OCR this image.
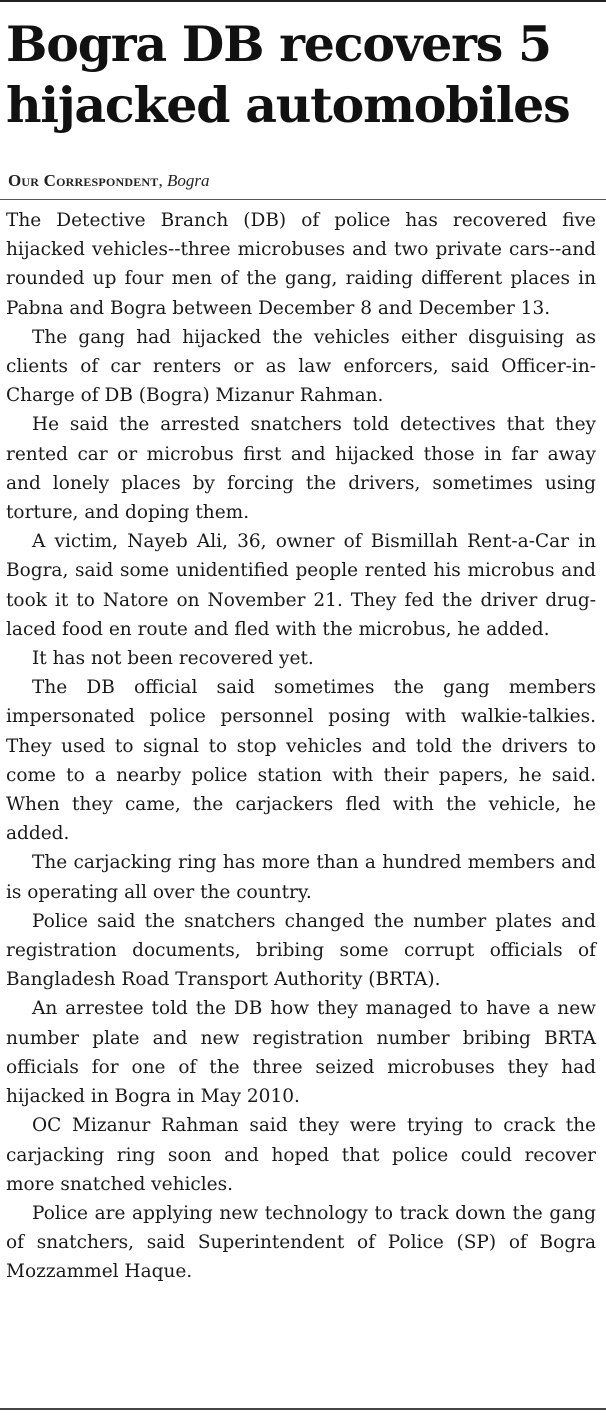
Bogra DB recovers 5 hijacked automobiles

Our Correspondent, Bogra

The Detective Branch (DB) of police has recovered five hijacked vehicles--three microbuses and two private cars--and rounded up four men of the gang, raiding different places in Pabna and Bogra between December 8 and December 13.

The gang had hijacked the vehicles either disguising as clients of car renters or as law enforcers, said Officer-in-Charge of DB (Bogra) Mizanur Rahman.

He said the arrested snatchers told detectives that they rented car or microbus first and hijacked those in far away and lonely places by forcing the drivers, sometimes using torture, and doping them.

A victim, Nayeb Ali, 36, owner of Bismillah Rent-a-Car in Bogra, said some unidentified people rented his microbus and took it to Natore on November 21. They fed the driver drug-laced food en route and fled with the microbus, he added.

It has not been recovered yet.

The DB official said sometimes the gang members impersonated police personnel posing with walkie-talkies. They used to signal to stop vehicles and told the drivers to come to a nearby police station with their papers, he said. When they came, the carjackers fled with the vehicle, he added.

The carjacking ring has more than a hundred members and is operating all over the country.

Police said the snatchers changed the number plates and registration documents, bribing some corrupt officials of Bangladesh Road Transport Authority (BRTA).

An arrestee told the DB how they managed to have a new number plate and new registration number bribing BRTA officials for one of the three seized microbuses they had hijacked in Bogra in May 2010.

OC Mizanur Rahman said they were trying to crack the carjacking ring soon and hoped that police could recover more snatched vehicles.

Police are applying new technology to track down the gang of snatchers, said Superintendent of Police (SP) of Bogra Mozzammel Haque.
